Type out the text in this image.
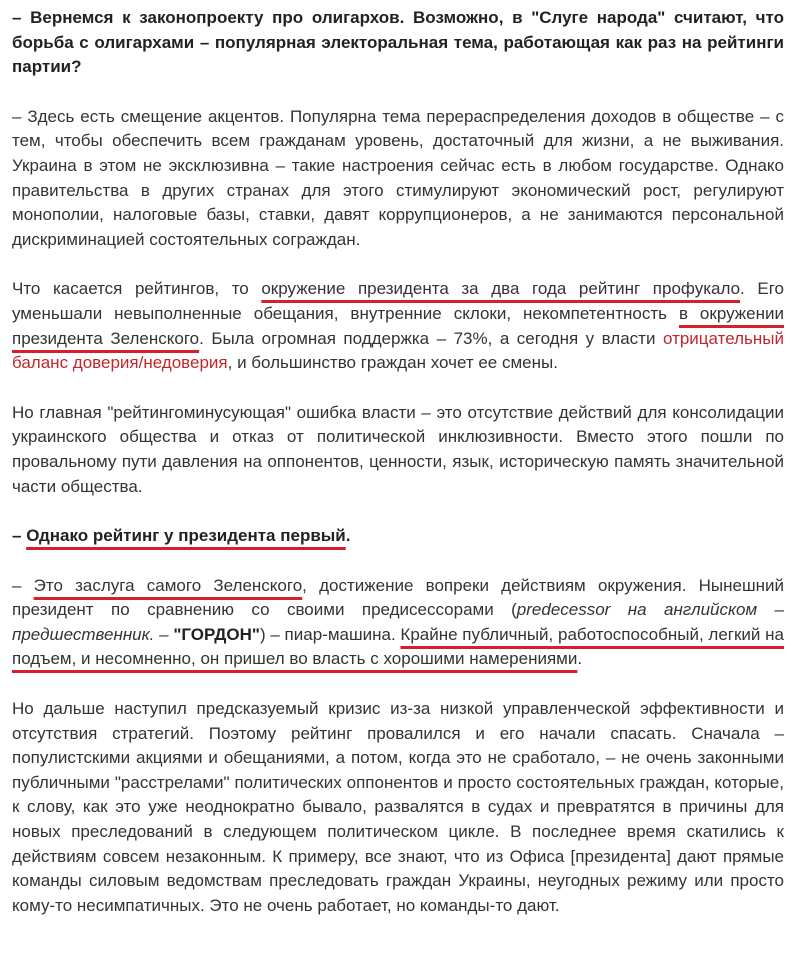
– Вернемся к законопроекту про олигархов. Возможно, в "Слуге народа" считают, что борьба с олигархами – популярная электоральная тема, работающая как раз на рейтинги партии?

– Здесь есть смещение акцентов. Популярна тема перераспределения доходов в обществе – с тем, чтобы обеспечить всем гражданам уровень, достаточный для жизни, а не выживания. Украина в этом не эксклюзивна – такие настроения сейчас есть в любом государстве. Однако правительства в других странах для этого стимулируют экономический рост, регулируют монополии, налоговые базы, ставки, давят коррупционеров, а не занимаются персональной дискриминацией состоятельных сограждан.

Что касается рейтингов, то окружение президента за два года рейтинг профукало. Его уменьшали невыполненные обещания, внутренние склоки, некомпетентность в окружении президента Зеленского. Была огромная поддержка – 73%, а сегодня у власти отрицательный баланс доверия/недоверия, и большинство граждан хочет ее смены.

Но главная "рейтингоминусующая" ошибка власти – это отсутствие действий для консолидации украинского общества и отказ от политической инклюзивности. Вместо этого пошли по провальному пути давления на оппонентов, ценности, язык, историческую память значительной части общества.

– Однако рейтинг у президента первый.

– Это заслуга самого Зеленского, достижение вопреки действиям окружения. Нынешний президент по сравнению со своими предисессорами (predecessor на английском – предшественник. – "ГОРДОН") – пиар-машина. Крайне публичный, работоспособный, легкий на подъем, и несомненно, он пришел во власть с хорошими намерениями.

Но дальше наступил предсказуемый кризис из-за низкой управленческой эффективности и отсутствия стратегий. Поэтому рейтинг провалился и его начали спасать. Сначала – популистскими акциями и обещаниями, а потом, когда это не сработало, – не очень законными публичными "расстрелами" политических оппонентов и просто состоятельных граждан, которые, к слову, как это уже неоднократно бывало, развалятся в судах и превратятся в причины для новых преследований в следующем политическом цикле. В последнее время скатились к действиям совсем незаконным. К примеру, все знают, что из Офиса [президента] дают прямые команды силовым ведомствам преследовать граждан Украины, неугодных режиму или просто кому-то несимпатичных. Это не очень работает, но команды-то дают.
